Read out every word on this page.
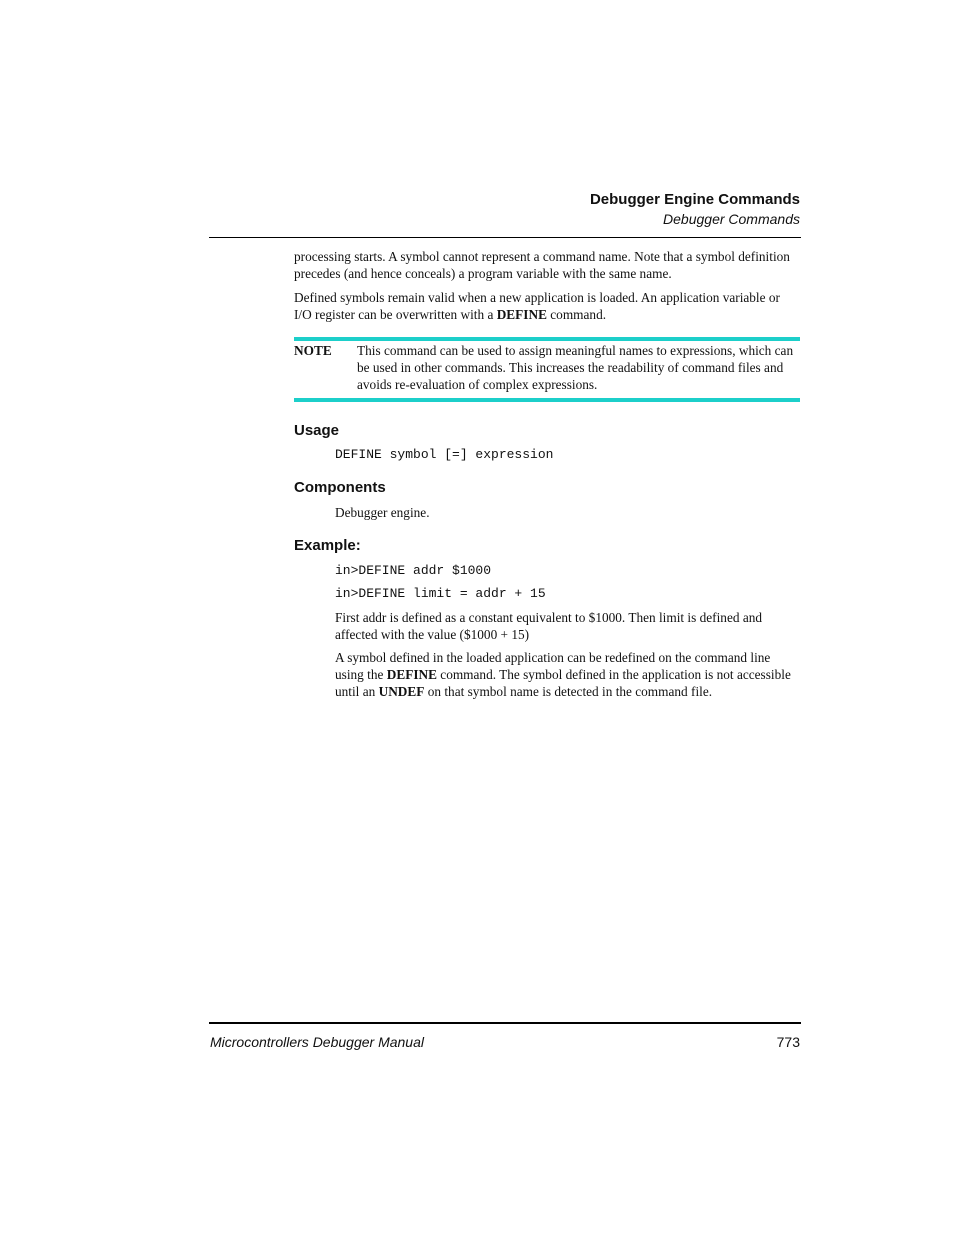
Debugger Engine Commands
Debugger Commands

processing starts. A symbol cannot represent a command name. Note that a symbol definition precedes (and hence conceals) a program variable with the same name.

Defined symbols remain valid when a new application is loaded. An application variable or I/O register can be overwritten with a DEFINE command.

NOTE This command can be used to assign meaningful names to expressions, which can be used in other commands. This increases the readability of command files and avoids re-evaluation of complex expressions.

Usage
DEFINE symbol [=] expression
Components

Debugger engine.

Example:
in>DEFINE addr $1000
in>DEFINE limit = addr + 15

First addr is defined as a constant equivalent to $1000. Then limit is defined and affected with the value ($1000 + 15)

A symbol defined in the loaded application can be redefined on the command line using the DEFINE command. The symbol defined in the application is not accessible until an UNDEF on that symbol name is detected in the command file.

Microcontrollers Debugger Manual	773
